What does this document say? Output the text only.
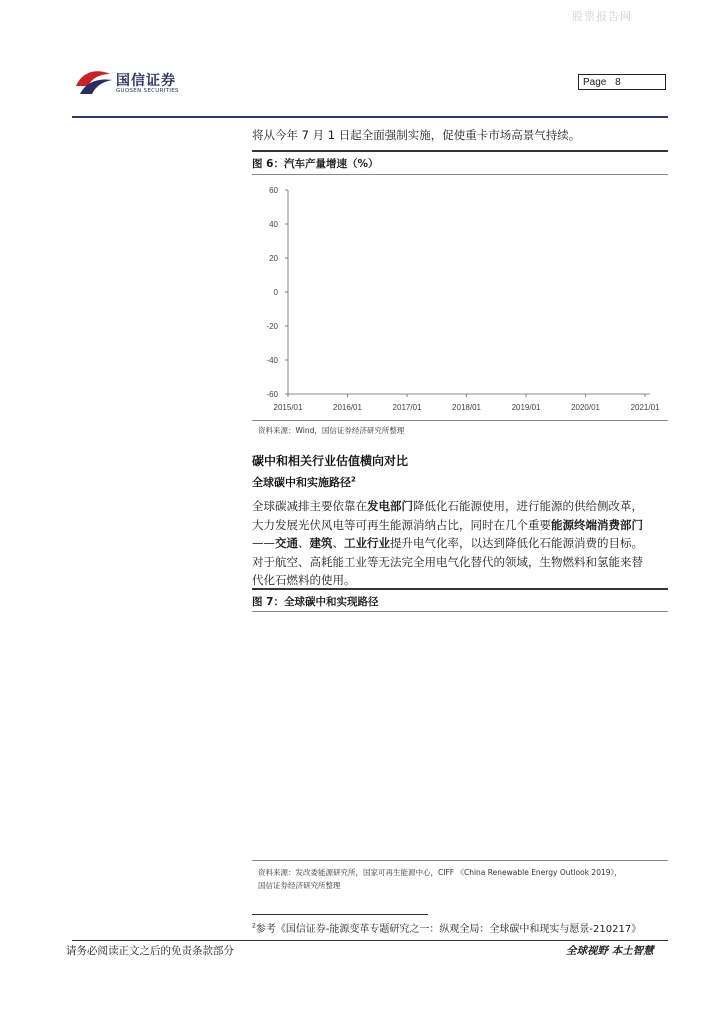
股票报告网
国信证券
GUOSEN SECURITIES
Page 8
将从今年 7 月 1 日起全面强制实施，促使重卡市场高景气持续。
图 6：汽车产量增速（%）
60
40
20
0
-20
-40
-60
2015/01	2016/01	2017/01	2018/01	2019/01	2020/01	2021/01
资料来源：Wind，国信证券经济研究所整理
碳中和相关行业估值横向对比
全球碳中和实施路径$^2$
全球碳减排主要依靠在发电部门降低化石能源使用，进行能源的供给侧改革，
大力发展光伏风电等可再生能源消纳占比，同时在几个重要能源终端消费部门
——交通、建筑、工业行业提升电气化率，以达到降低化石能源消费的目标。
对于航空、高耗能工业等无法完全用电气化替代的领域，生物燃料和氢能来替
代化石燃料的使用。
图 7：全球碳中和实现路径
资料来源：发改委能源研究所，国家可再生能源中心，CIFF 《China Renewable Energy Outlook 2019》，
国信证券经济研究所整理
$^2$参考《国信证券-能源变革专题研究之一：纵观全局：全球碳中和现实与愿景-210217》
请务必阅读正文之后的免责条款部分	全球视野 本土智慧
